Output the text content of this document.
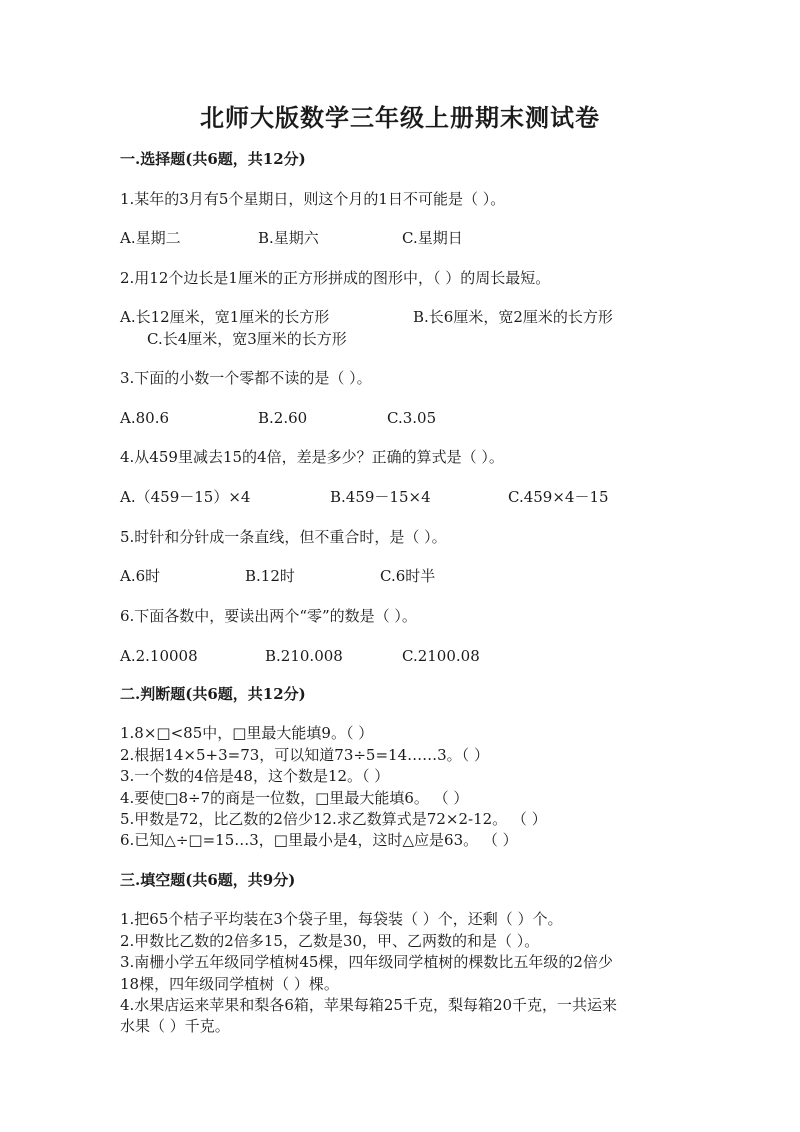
北师大版数学三年级上册期末测试卷
一.选择题(共6题，共12分)
1.某年的3月有5个星期日，则这个月的1日不可能是（ ）。
A.星期二	B.星期六	C.星期日
2.用12个边长是1厘米的正方形拼成的图形中，（ ）的周长最短。
A.长12厘米，宽1厘米的长方形	B.长6厘米，宽2厘米的长方形
C.长4厘米，宽3厘米的长方形
3.下面的小数一个零都不读的是（ ）。
A.80.6	B.2.60	C.3.05
4.从459里减去15的4倍，差是多少？正确的算式是（ ）。
A.（459－15）×4	B.459－15×4	C.459×4－15
5.时针和分针成一条直线，但不重合时，是（ ）。
A.6时	B.12时	C.6时半
6.下面各数中，要读出两个“零”的数是（ ）。
A.2.10008	B.210.008	C.2100.08
二.判断题(共6题，共12分)
1.8×□<85中，□里最大能填9。（ ）
2.根据14×5+3=73，可以知道73÷5=14……3。（ ）
3.一个数的4倍是48，这个数是12。（ ）
4.要使□8÷7的商是一位数，□里最大能填6。 （ ）
5.甲数是72，比乙数的2倍少12.求乙数算式是72×2-12。 （ ）
6.已知△÷□=15…3，□里最小是4，这时△应是63。 （ ）
三.填空题(共6题，共9分)
1.把65个桔子平均装在3个袋子里，每袋装（ ）个，还剩（ ）个。
2.甲数比乙数的2倍多15，乙数是30，甲、乙两数的和是（ ）。
3.南栅小学五年级同学植树45棵，四年级同学植树的棵数比五年级的2倍少
18棵，四年级同学植树（ ）棵。
4.水果店运来苹果和梨各6箱，苹果每箱25千克，梨每箱20千克，一共运来
水果（ ）千克。
